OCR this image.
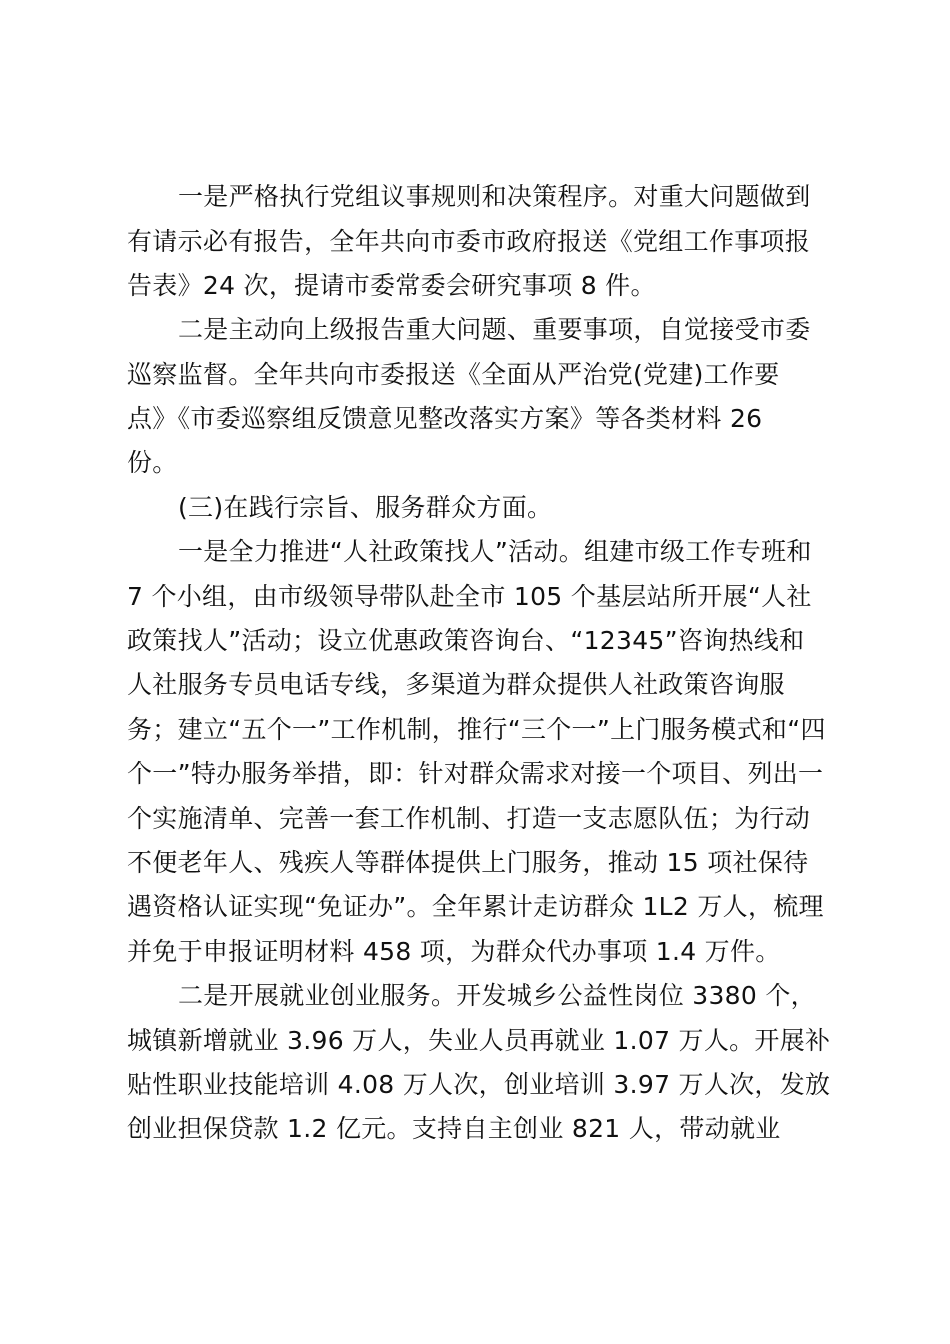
一是严格执行党组议事规则和决策程序。对重大问题做到
有请示必有报告，全年共向市委市政府报送《党组工作事项报
告表》24 次，提请市委常委会研究事项 8 件。
二是主动向上级报告重大问题、重要事项，自觉接受市委
巡察监督。全年共向市委报送《全面从严治党(党建)工作要
点》《市委巡察组反馈意见整改落实方案》等各类材料 26
份。
(三)在践行宗旨、服务群众方面。
一是全力推进“人社政策找人”活动。组建市级工作专班和
7 个小组，由市级领导带队赴全市 105 个基层站所开展“人社
政策找人”活动；设立优惠政策咨询台、“12345”咨询热线和
人社服务专员电话专线，多渠道为群众提供人社政策咨询服
务；建立“五个一”工作机制，推行“三个一”上门服务模式和“四
个一”特办服务举措，即：针对群众需求对接一个项目、列出一
个实施清单、完善一套工作机制、打造一支志愿队伍；为行动
不便老年人、残疾人等群体提供上门服务，推动 15 项社保待
遇资格认证实现“免证办”。全年累计走访群众 1L2 万人，梳理
并免于申报证明材料 458 项，为群众代办事项 1.4 万件。
二是开展就业创业服务。开发城乡公益性岗位 3380 个，
城镇新增就业 3.96 万人，失业人员再就业 1.07 万人。开展补
贴性职业技能培训 4.08 万人次，创业培训 3.97 万人次，发放
创业担保贷款 1.2 亿元。支持自主创业 821 人，带动就业
